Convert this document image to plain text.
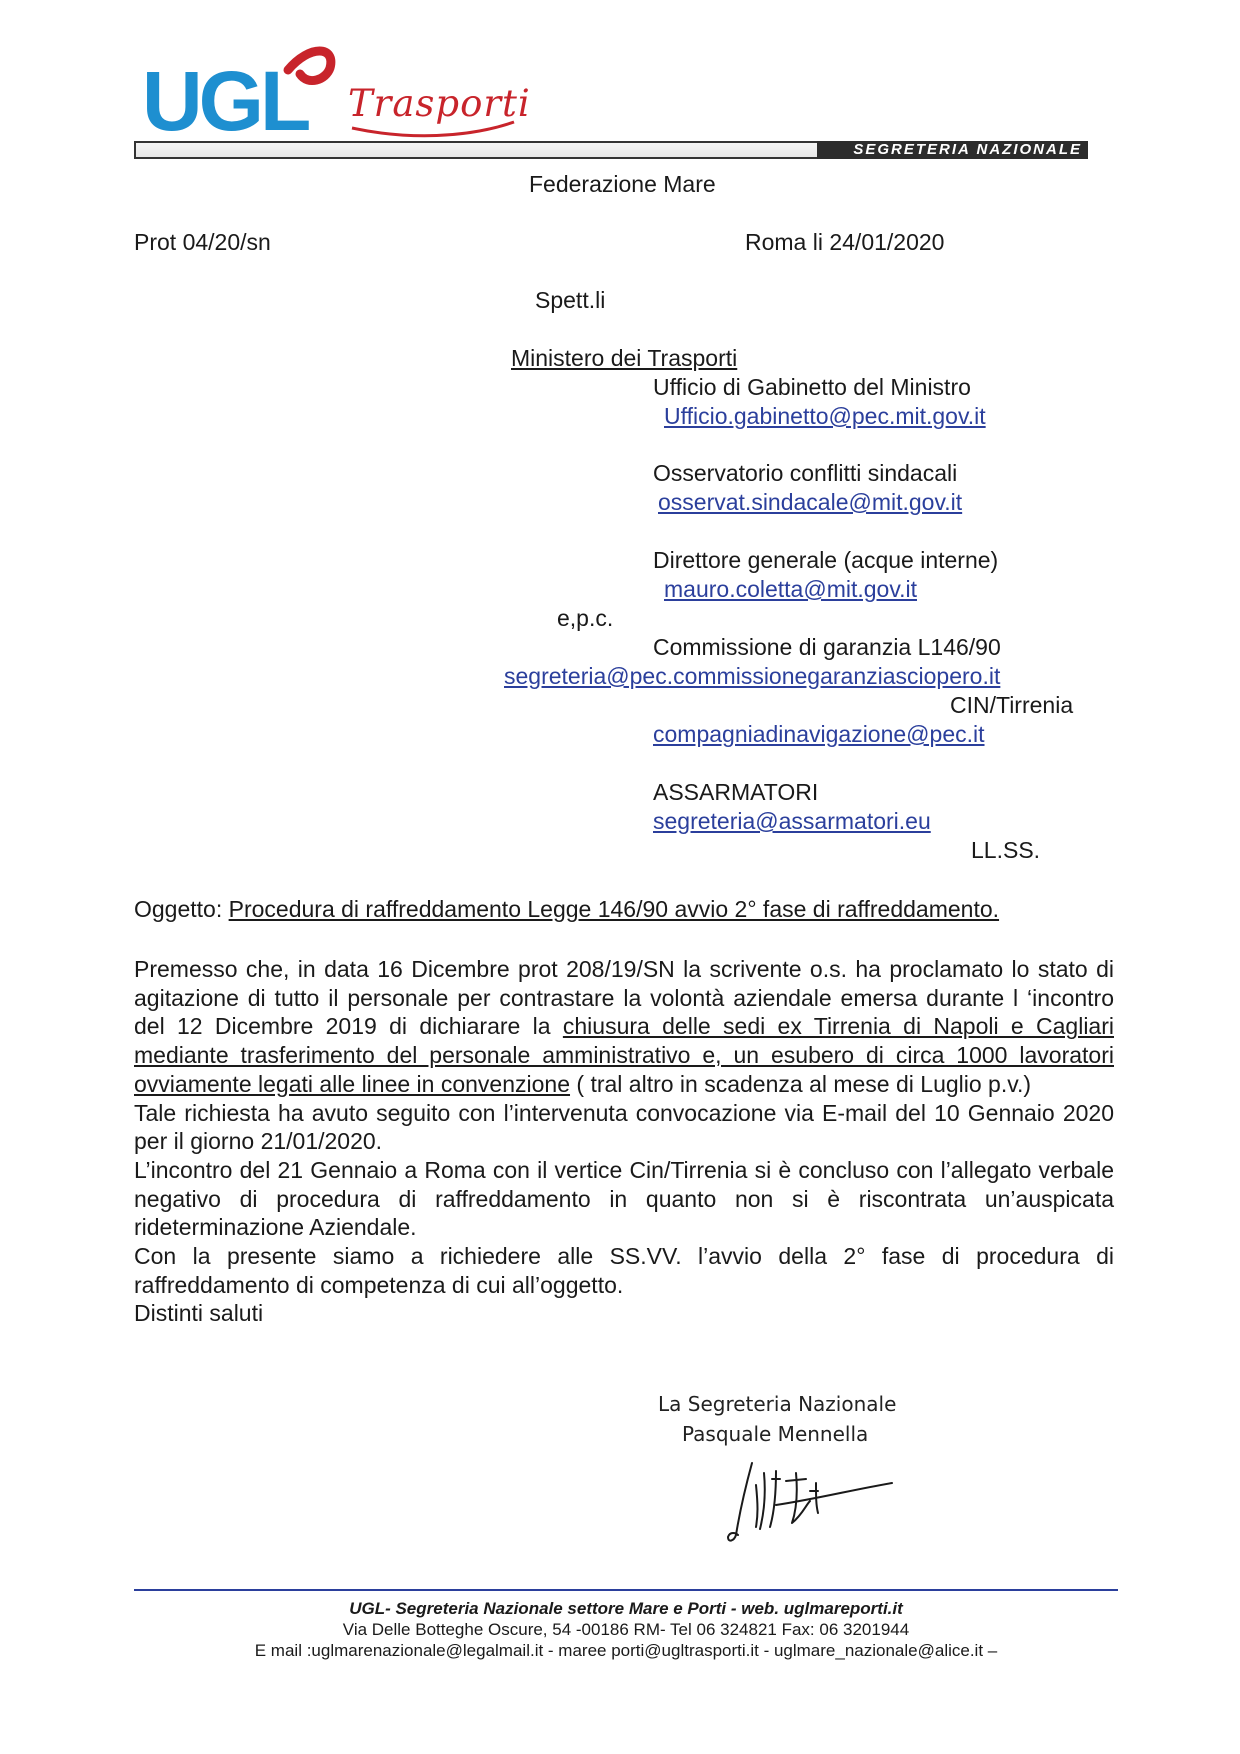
UGL Trasporti
SEGRETERIA NAZIONALE
Federazione Mare
Prot 04/20/sn	Roma li 24/01/2020
Spett.li
Ministero dei Trasporti
Ufficio di Gabinetto del Ministro
Ufficio.gabinetto@pec.mit.gov.it
Osservatorio conflitti sindacali
osservat.sindacale@mit.gov.it
Direttore generale (acque interne)
mauro.coletta@mit.gov.it
e,p.c.
Commissione di garanzia L146/90
segreteria@pec.commissionegaranziasciopero.it
CIN/Tirrenia
compagniadinavigazione@pec.it
ASSARMATORI
segreteria@assarmatori.eu
LL.SS.
Oggetto: Procedura di raffreddamento Legge 146/90 avvio 2° fase di raffreddamento.

Premesso che, in data 16 Dicembre prot 208/19/SN la scrivente o.s. ha proclamato lo stato di agitazione di tutto il personale per contrastare la volontà aziendale emersa durante l ‘incontro del 12 Dicembre 2019 di dichiarare la chiusura delle sedi ex Tirrenia di Napoli e Cagliari mediante trasferimento del personale amministrativo e, un esubero di circa 1000 lavoratori ovviamente legati alle linee in convenzione ( tral altro in scadenza al mese di Luglio p.v.)

Tale richiesta ha avuto seguito con l’intervenuta convocazione via E-mail del 10 Gennaio 2020 per il giorno 21/01/2020.

L’incontro del 21 Gennaio a Roma con il vertice Cin/Tirrenia si è concluso con l’allegato verbale negativo di procedura di raffreddamento in quanto non si è riscontrata un’auspicata rideterminazione Aziendale.

Con la presente siamo a richiedere alle SS.VV. l’avvio della 2° fase di procedura di raffreddamento di competenza di cui all’oggetto.

Distinti saluti

La Segreteria Nazionale
Pasquale Mennella
UGL- Segreteria Nazionale settore Mare e Porti - web. uglmareporti.it
Via Delle Botteghe Oscure, 54 -00186 RM- Tel 06 324821 Fax: 06 3201944
E mail :uglmarenazionale@legalmail.it - maree porti@ugltrasporti.it - uglmare_nazionale@alice.it –
